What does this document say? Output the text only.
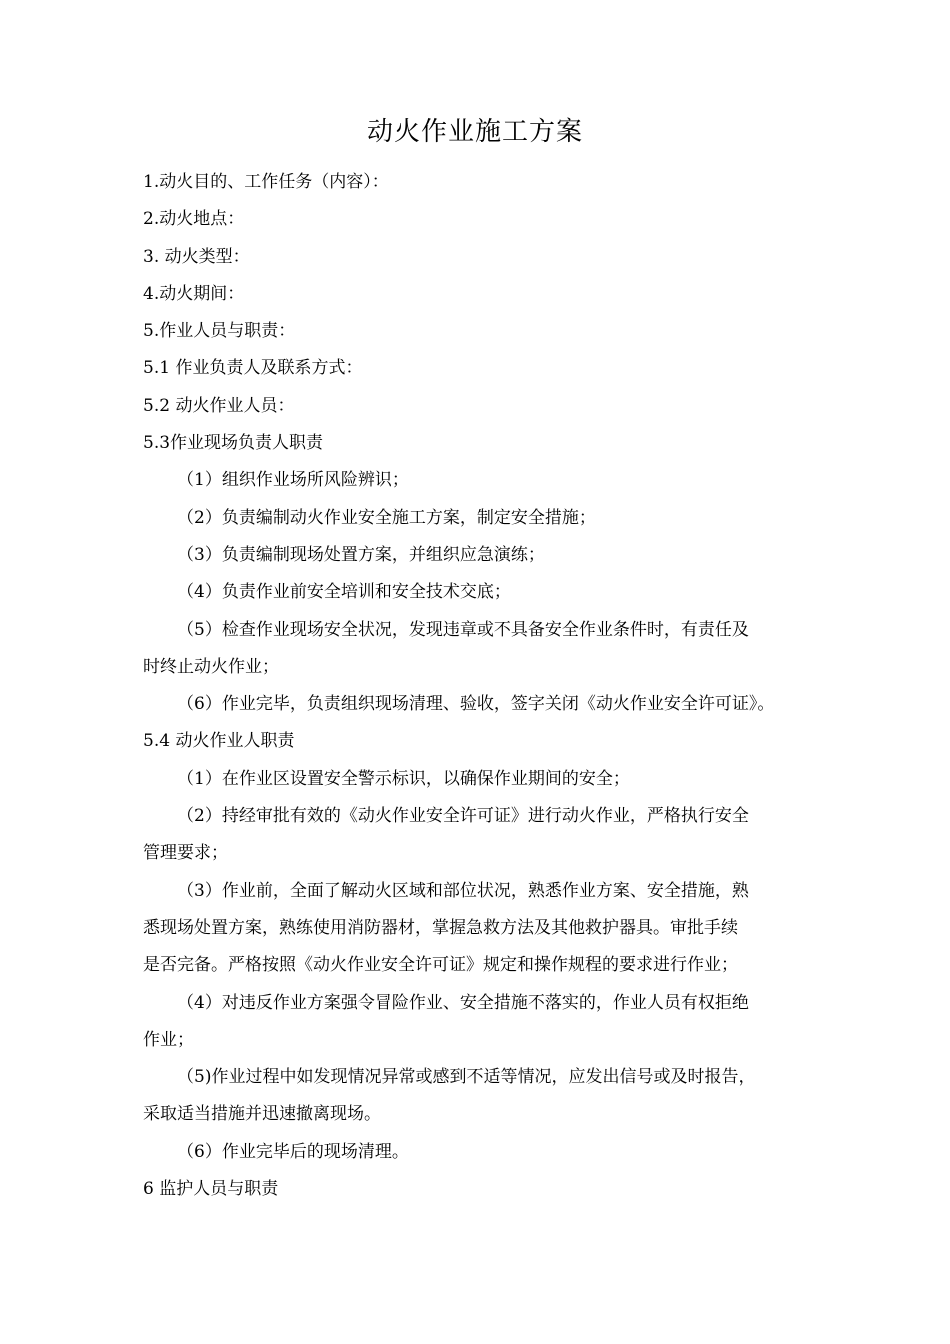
动火作业施工方案
1.动火目的、工作任务（内容）：
2.动火地点：
3. 动火类型：
4.动火期间：
5.作业人员与职责：
5.1 作业负责人及联系方式：
5.2 动火作业人员：
5.3作业现场负责人职责
（1）组织作业场所风险辨识；
（2）负责编制动火作业安全施工方案，制定安全措施；
（3）负责编制现场处置方案，并组织应急演练；
（4）负责作业前安全培训和安全技术交底；
（5）检查作业现场安全状况，发现违章或不具备安全作业条件时，有责任及
时终止动火作业；
（6）作业完毕，负责组织现场清理、验收，签字关闭《动火作业安全许可证》。
5.4 动火作业人职责
（1）在作业区设置安全警示标识，以确保作业期间的安全；
（2）持经审批有效的《动火作业安全许可证》进行动火作业，严格执行安全
管理要求；
（3）作业前，全面了解动火区域和部位状况，熟悉作业方案、安全措施，熟
悉现场处置方案，熟练使用消防器材，掌握急救方法及其他救护器具。审批手续
是否完备。严格按照《动火作业安全许可证》规定和操作规程的要求进行作业；
（4）对违反作业方案强令冒险作业、安全措施不落实的，作业人员有权拒绝
作业；
（5)作业过程中如发现情况异常或感到不适等情况，应发出信号或及时报告，
采取适当措施并迅速撤离现场。
（6）作业完毕后的现场清理。
6 监护人员与职责
